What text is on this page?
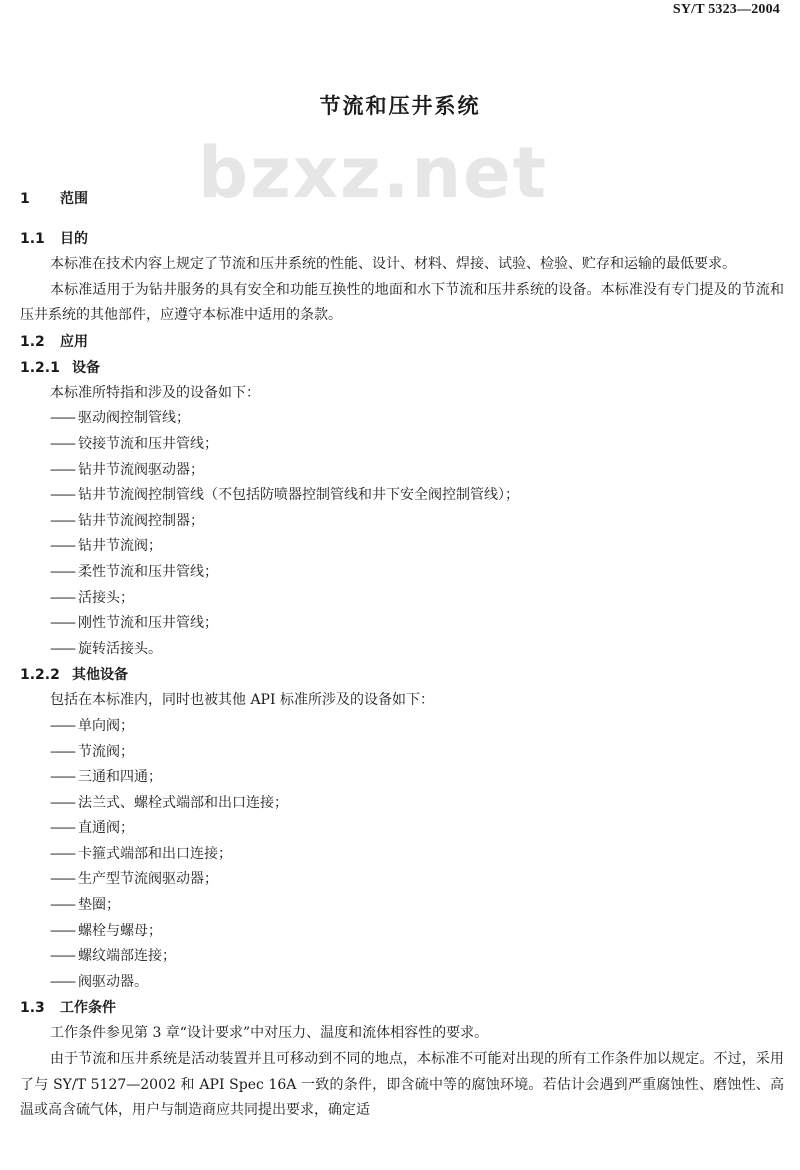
SY/T 5323—2004
节流和压井系统
bzxz.net

1 范围

1.1 目的

本标准在技术内容上规定了节流和压井系统的性能、设计、材料、焊接、试验、检验、贮存和运输的最低要求。

本标准适用于为钻井服务的具有安全和功能互换性的地面和水下节流和压井系统的设备。本标准没有专门提及的节流和压井系统的其他部件，应遵守本标准中适用的条款。

1.2 应用

1.2.1 设备

本标准所特指和涉及的设备如下：

—— 驱动阀控制管线；

—— 铰接节流和压井管线；

—— 钻井节流阀驱动器；

—— 钻井节流阀控制管线（不包括防喷器控制管线和井下安全阀控制管线）；

—— 钻井节流阀控制器；

—— 钻井节流阀；

—— 柔性节流和压井管线；

—— 活接头；

—— 刚性节流和压井管线；

—— 旋转活接头。

1.2.2 其他设备

包括在本标准内，同时也被其他 API 标准所涉及的设备如下：

—— 单向阀；

—— 节流阀；

—— 三通和四通；

—— 法兰式、螺栓式端部和出口连接；

—— 直通阀；

—— 卡箍式端部和出口连接；

—— 生产型节流阀驱动器；

—— 垫圈；

—— 螺栓与螺母；

—— 螺纹端部连接；

—— 阀驱动器。

1.3 工作条件

工作条件参见第 3 章“设计要求”中对压力、温度和流体相容性的要求。

由于节流和压井系统是活动装置并且可移动到不同的地点，本标准不可能对出现的所有工作条件加以规定。不过，采用了与 SY/T 5127—2002 和 API Spec 16A 一致的条件，即含硫中等的腐蚀环境。若估计会遇到严重腐蚀性、磨蚀性、高温或高含硫气体，用户与制造商应共同提出要求，确定适
